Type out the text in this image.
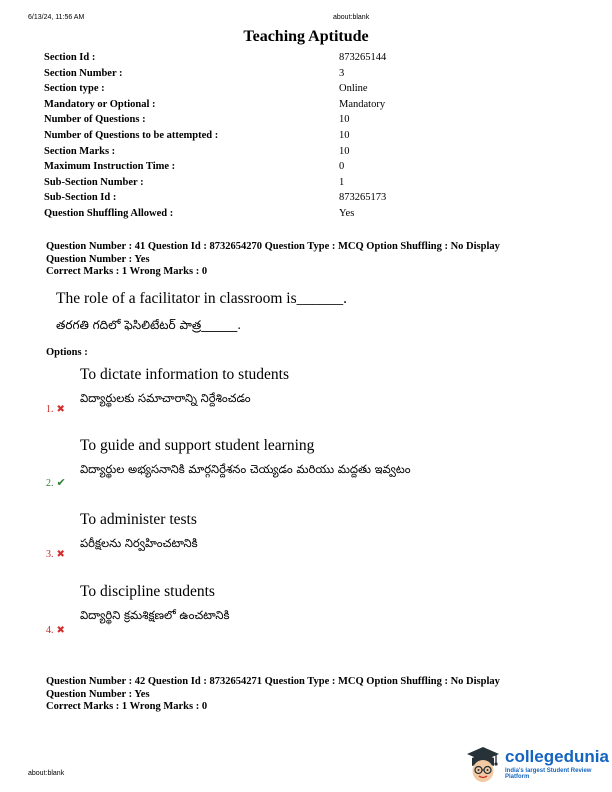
6/13/24, 11:56 AM	about:blank
Teaching Aptitude
Section Id :	873265144
Section Number :	3
Section type :	Online
Mandatory or Optional :	Mandatory
Number of Questions :	10
Number of Questions to be attempted :	10
Section Marks :	10
Maximum Instruction Time :	0
Sub-Section Number :	1
Sub-Section Id :	873265173
Question Shuffling Allowed :	Yes
Question Number : 41 Question Id : 8732654270 Question Type : MCQ Option Shuffling : No Display
Question Number : Yes
Correct Marks : 1 Wrong Marks : 0
The role of a facilitator in classroom is______.
తరగతి గదిలో ఫెసిలిటేటర్ పాత్ర______.
Options :
To dictate information to students
విద్యార్థులకు సమాచారాన్ని నిర్దేశించడం
1. ✖
To guide and support student learning
విద్యార్థుల అభ్యసనానికి మార్గనిర్దేశనం చెయ్యడం మరియు మద్దతు ఇవ్వటం
2. ✔
To administer tests
పరీక్షలను నిర్వహించటానికి
3. ✖
To discipline students
విద్యార్థిని క్రమశిక్షణలో ఉంచటానికి
4. ✖
Question Number : 42 Question Id : 8732654271 Question Type : MCQ Option Shuffling : No Display
Question Number : Yes
Correct Marks : 1 Wrong Marks : 0
about:blank
collegedunia
India's largest Student Review Platform
